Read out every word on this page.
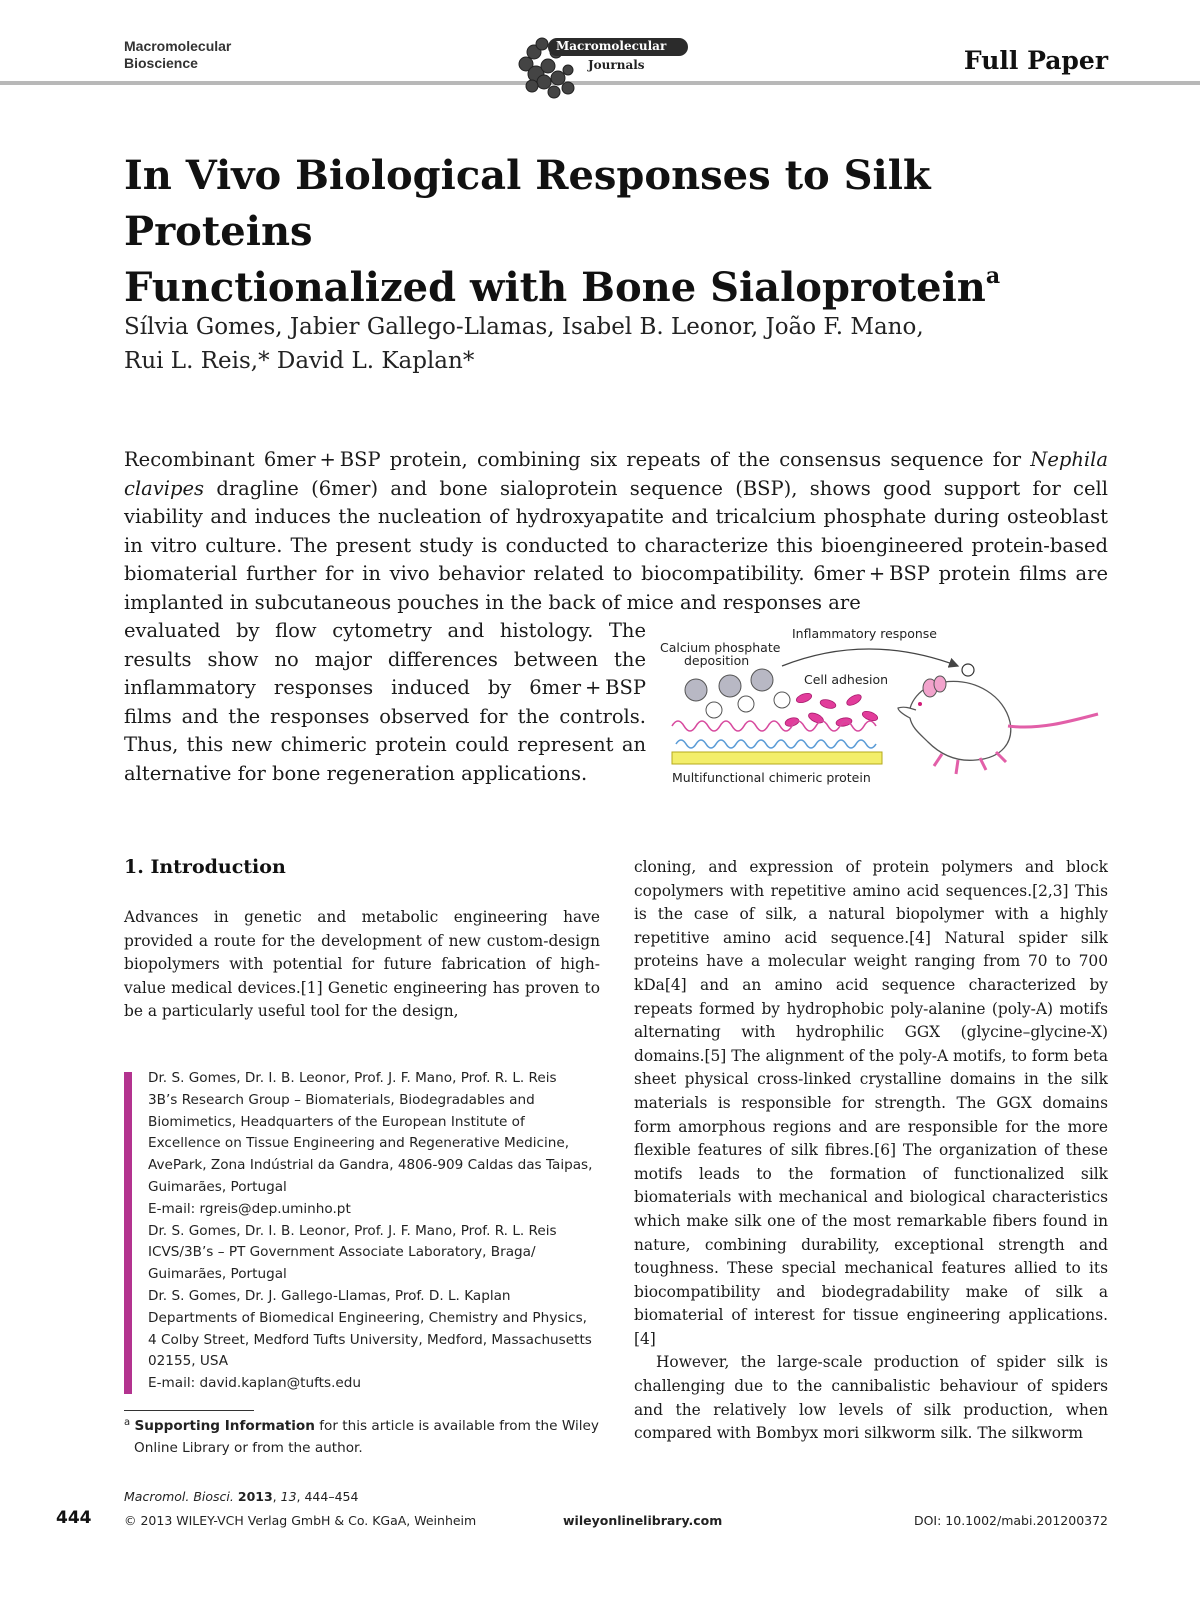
Macromolecular
Bioscience
Macromolecular
Journals	Full Paper
In Vivo Biological Responses to Silk Proteins
Functionalized with Bone Sialoprotein$^a$
Sílvia Gomes, Jabier Gallego-Llamas, Isabel B. Leonor, João F. Mano,
Rui L. Reis,* David L. Kaplan*
Recombinant 6mer + BSP protein, combining six repeats of the consensus sequence for Nephila clavipes dragline (6mer) and bone sialoprotein sequence (BSP), shows good support for cell viability and induces the nucleation of hydroxyapatite and tricalcium phosphate during osteoblast in vitro culture. The present study is conducted to characterize this bioengineered protein-based biomaterial further for in vivo behavior related to biocompatibility. 6mer + BSP protein films are implanted in subcutaneous pouches in the back of mice and responses are
evaluated by flow cytometry and histology. The results show no major differences between the inflammatory responses induced by 6mer + BSP films and the responses observed for the controls. Thus, this new chimeric protein could represent an alternative for bone regeneration applications.
Inflammatory response
Calcium phosphate
deposition
Cell adhesion
Multifunctional chimeric protein
1. Introduction

Advances in genetic and metabolic engineering have provided a route for the development of new custom-design biopolymers with potential for future fabrication of high-value medical devices.[1] Genetic engineering has proven to be a particularly useful tool for the design,

cloning, and expression of protein polymers and block copolymers with repetitive amino acid sequences.[2,3] This is the case of silk, a natural biopolymer with a highly repetitive amino acid sequence.[4] Natural spider silk proteins have a molecular weight ranging from 70 to 700 kDa[4] and an amino acid sequence characterized by repeats formed by hydrophobic poly-alanine (poly-A) motifs alternating with hydrophilic GGX (glycine–glycine-X) domains.[5] The alignment of the poly-A motifs, to form beta sheet physical cross-linked crystalline domains in the silk materials is responsible for strength. The GGX domains form amorphous regions and are responsible for the more flexible features of silk fibres.[6] The organization of these motifs leads to the formation of functionalized silk biomaterials with mechanical and biological characteristics which make silk one of the most remarkable fibers found in nature, combining durability, exceptional strength and toughness. These special mechanical features allied to its biocompatibility and biodegradability make of silk a biomaterial of interest for tissue engineering applications.[4]

However, the large-scale production of spider silk is challenging due to the cannibalistic behaviour of spiders and the relatively low levels of silk production, when compared with Bombyx mori silkworm silk. The silkworm

Dr. S. Gomes, Dr. I. B. Leonor, Prof. J. F. Mano, Prof. R. L. Reis
3B’s Research Group – Biomaterials, Biodegradables and
Biomimetics, Headquarters of the European Institute of
Excellence on Tissue Engineering and Regenerative Medicine,
AvePark, Zona Indústrial da Gandra, 4806-909 Caldas das Taipas,
Guimarães, Portugal
E-mail: rgreis@dep.uminho.pt
Dr. S. Gomes, Dr. I. B. Leonor, Prof. J. F. Mano, Prof. R. L. Reis
ICVS/3B’s – PT Government Associate Laboratory, Braga/
Guimarães, Portugal
Dr. S. Gomes, Dr. J. Gallego-Llamas, Prof. D. L. Kaplan
Departments of Biomedical Engineering, Chemistry and Physics,
4 Colby Street, Medford Tufts University, Medford, Massachusetts
02155, USA
E-mail: david.kaplan@tufts.edu
$^a$ Supporting Information for this article is available from the Wiley
Online Library or from the author.
Macromol. Biosci. 2013, 13, 444–454
444	© 2013 WILEY-VCH Verlag GmbH & Co. KGaA, Weinheim	wileyonlinelibrary.com	DOI: 10.1002/mabi.201200372
